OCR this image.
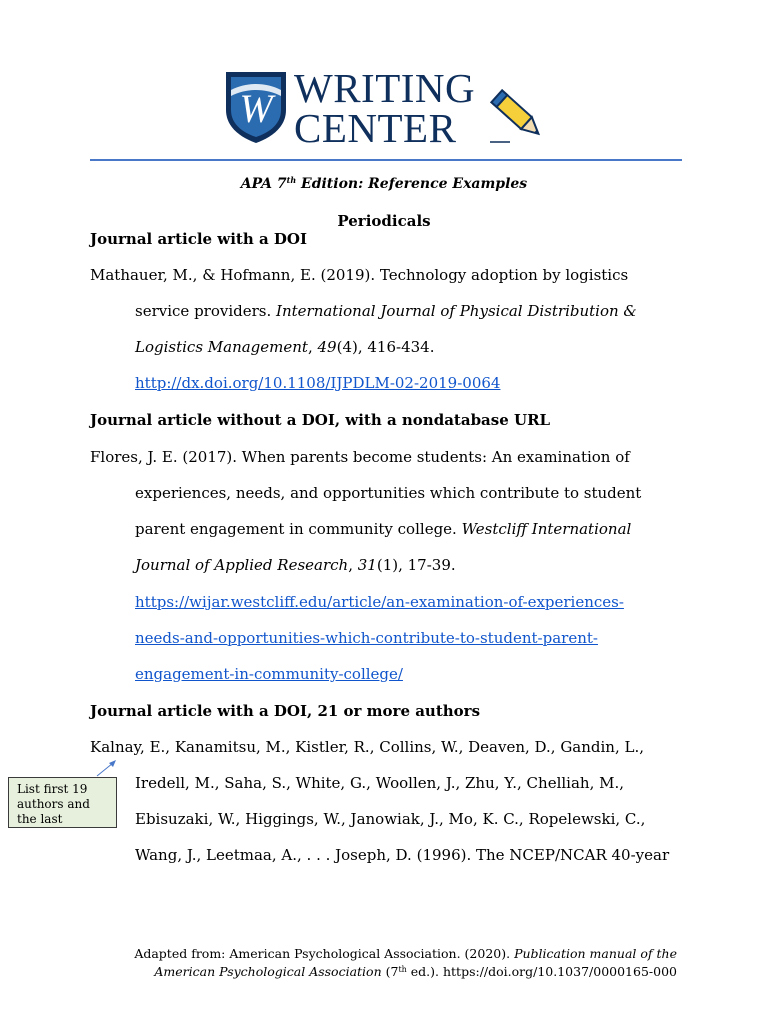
W WRITING
CENTER
APA 7th Edition: Reference Examples
Periodicals
Journal article with a DOI
Mathauer, M., & Hofmann, E. (2019). Technology adoption by logistics
service providers. International Journal of Physical Distribution &
Logistics Management, 49(4), 416-434.
http://dx.doi.org/10.1108/IJPDLM-02-2019-0064
Journal article without a DOI, with a nondatabase URL
Flores, J. E. (2017). When parents become students: An examination of
experiences, needs, and opportunities which contribute to student
parent engagement in community college. Westcliff International
Journal of Applied Research, 31(1), 17-39.
https://wijar.westcliff.edu/article/an-examination-of-experiences-
needs-and-opportunities-which-contribute-to-student-parent-
engagement-in-community-college/
Journal article with a DOI, 21 or more authors
Kalnay, E., Kanamitsu, M., Kistler, R., Collins, W., Deaven, D., Gandin, L.,
Iredell, M., Saha, S., White, G., Woollen, J., Zhu, Y., Chelliah, M.,
Ebisuzaki, W., Higgings, W., Janowiak, J., Mo, K. C., Ropelewski, C.,
Wang, J., Leetmaa, A., . . . Joseph, D. (1996). The NCEP/NCAR 40-year
List first 19
authors and
the last
Adapted from: American Psychological Association. (2020). Publication manual of the
American Psychological Association (7th ed.). https://doi.org/10.1037/0000165-000
